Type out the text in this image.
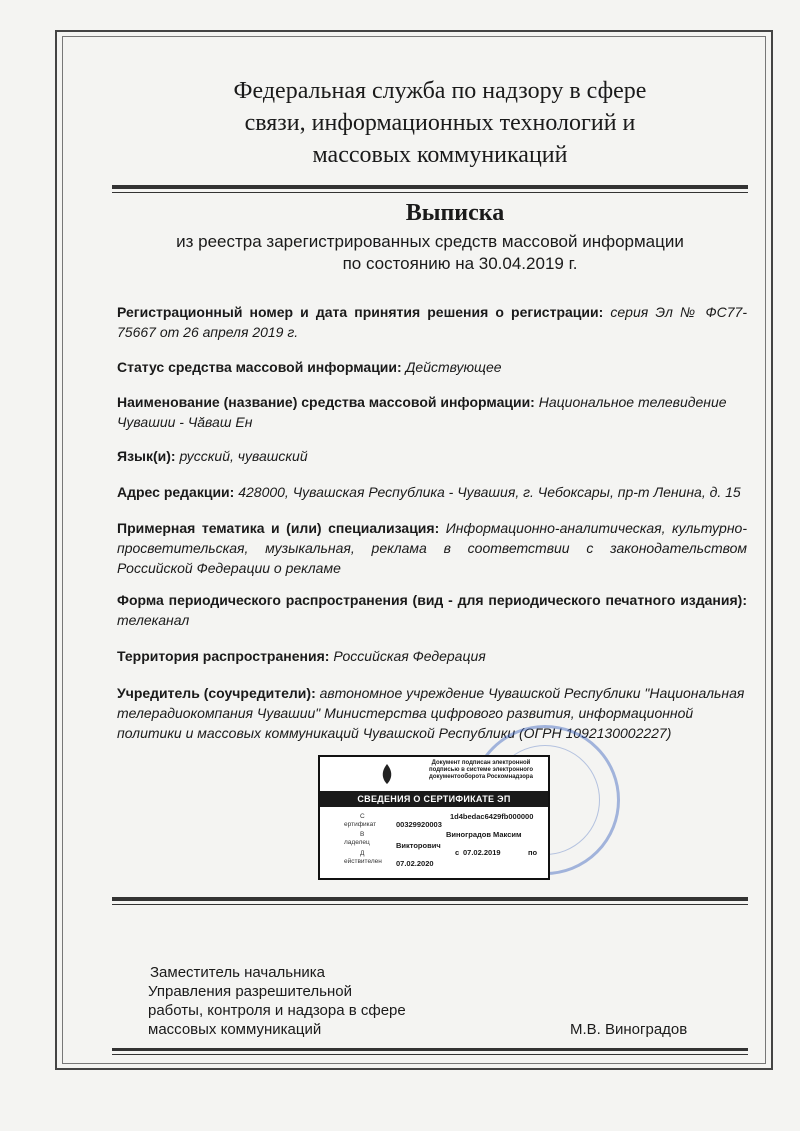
Федеральная служба по надзору в сфере
связи, информационных технологий и
массовых коммуникаций
Выписка
из реестра зарегистрированных средств массовой информации
по состоянию на 30.04.2019 г.
Регистрационный номер и дата принятия решения о регистрации: серия Эл № ФС77-75667 от 26 апреля 2019 г.
Статус средства массовой информации: Действующее
Наименование (название) средства массовой информации: Национальное телевидение Чувашии - Чăваш Ен
Язык(и): русский, чувашский
Адрес редакции: 428000, Чувашская Республика - Чувашия, г. Чебоксары, пр-т Ленина, д. 15
Примерная тематика и (или) специализация: Информационно-аналитическая, культурно-просветительская, музыкальная, реклама в соответствии с законодательством Российской Федерации о рекламе
Форма периодического распространения (вид - для периодического печатного издания): телеканал
Территория распространения: Российская Федерация
Учредитель (соучредители): автономное учреждение Чувашской Республики "Национальная телерадиокомпания Чувашии" Министерства цифрового развития, информационной политики и массовых коммуникаций Чувашской Республики (ОГРН 1092130002227)
Документ подписан электронной подписью в системе электронного документооборота Роскомнадзора
СВЕДЕНИЯ О СЕРТИФИКАТЕ ЭП
С
ертификат
1d4bedac6429fb000000
00329920003
В
ладелец
Виноградов Максим
Викторович
с 07.02.2019	по
Д
ействителен 07.02.2020
Заместитель начальника
Управления разрешительной
работы, контроля и надзора в сфере
массовых коммуникаций	М.В. Виноградов
